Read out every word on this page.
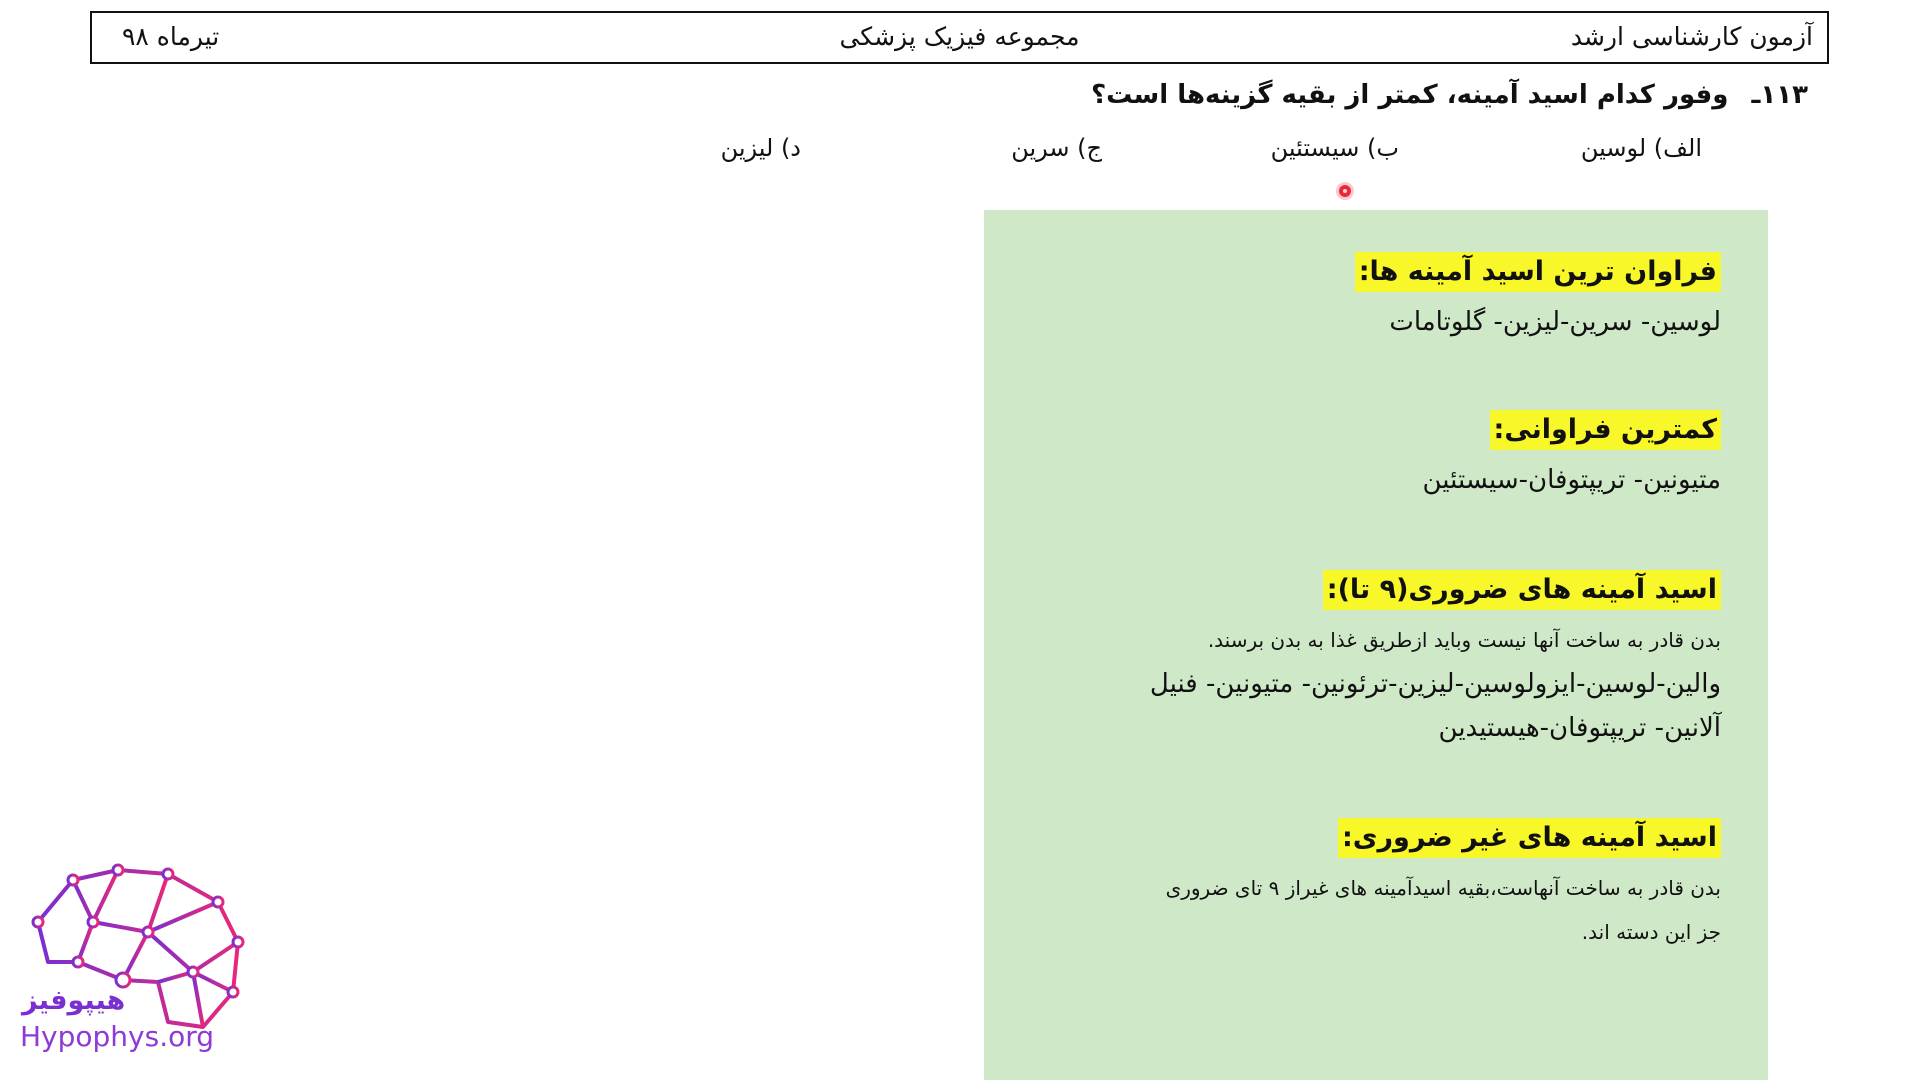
آزمون کارشناسی ارشد
مجموعه فیزیک پزشکی
تیرماه ۹۸
۱۱۳ـ وفور کدام اسید آمینه، کمتر از بقیه گزینه‌ها است؟
الف) لوسین
ب) سیستئین
ج) سرین
د) لیزین
فراوان ترین اسید آمینه ها:
لوسین- سرین-لیزین- گلوتامات
کمترین فراوانی:
متیونین- تریپتوفان-سیستئین
اسید آمینه های ضروری(۹ تا):
بدن قادر به ساخت آنها نیست وباید ازطریق غذا به بدن برسند.
والین-لوسین-ایزولوسین-لیزین-ترئونین- متیونین- فنیل
آلانین- تریپتوفان-هیستیدین
اسید آمینه های غیر ضروری:
بدن قادر به ساخت آنهاست،بقیه اسیدآمینه های غیراز ۹ تای ضروری
جز این دسته اند.
هیپوفیز
Hypophys.org
